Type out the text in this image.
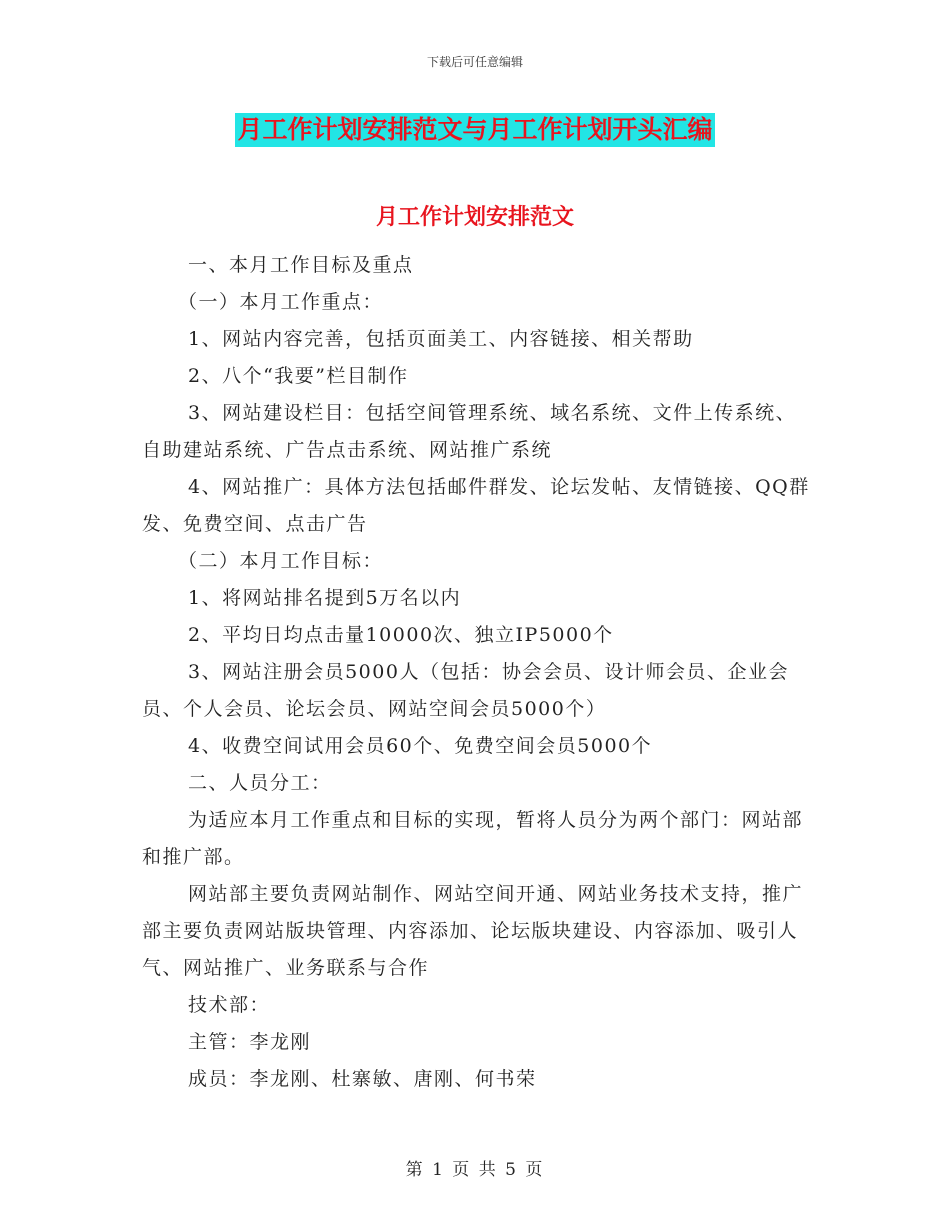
下载后可任意编辑
月工作计划安排范文与月工作计划开头汇编
月工作计划安排范文

一、本月工作目标及重点

（一）本月工作重点：

1、网站内容完善，包括页面美工、内容链接、相关帮助

2、八个“我要”栏目制作

3、网站建设栏目：包括空间管理系统、域名系统、文件上传系统、自助建站系统、广告点击系统、网站推广系统

4、网站推广：具体方法包括邮件群发、论坛发帖、友情链接、QQ群发、免费空间、点击广告

（二）本月工作目标：

1、将网站排名提到5万名以内

2、平均日均点击量10000次、独立IP5000个

3、网站注册会员5000人（包括：协会会员、设计师会员、企业会员、个人会员、论坛会员、网站空间会员5000个）

4、收费空间试用会员60个、免费空间会员5000个

二、人员分工：

为适应本月工作重点和目标的实现，暂将人员分为两个部门：网站部和推广部。

网站部主要负责网站制作、网站空间开通、网站业务技术支持，推广部主要负责网站版块管理、内容添加、论坛版块建设、内容添加、吸引人气、网站推广、业务联系与合作

技术部：

主管：李龙刚

成员：李龙刚、杜寨敏、唐刚、何书荣

第 1 页 共 5 页
